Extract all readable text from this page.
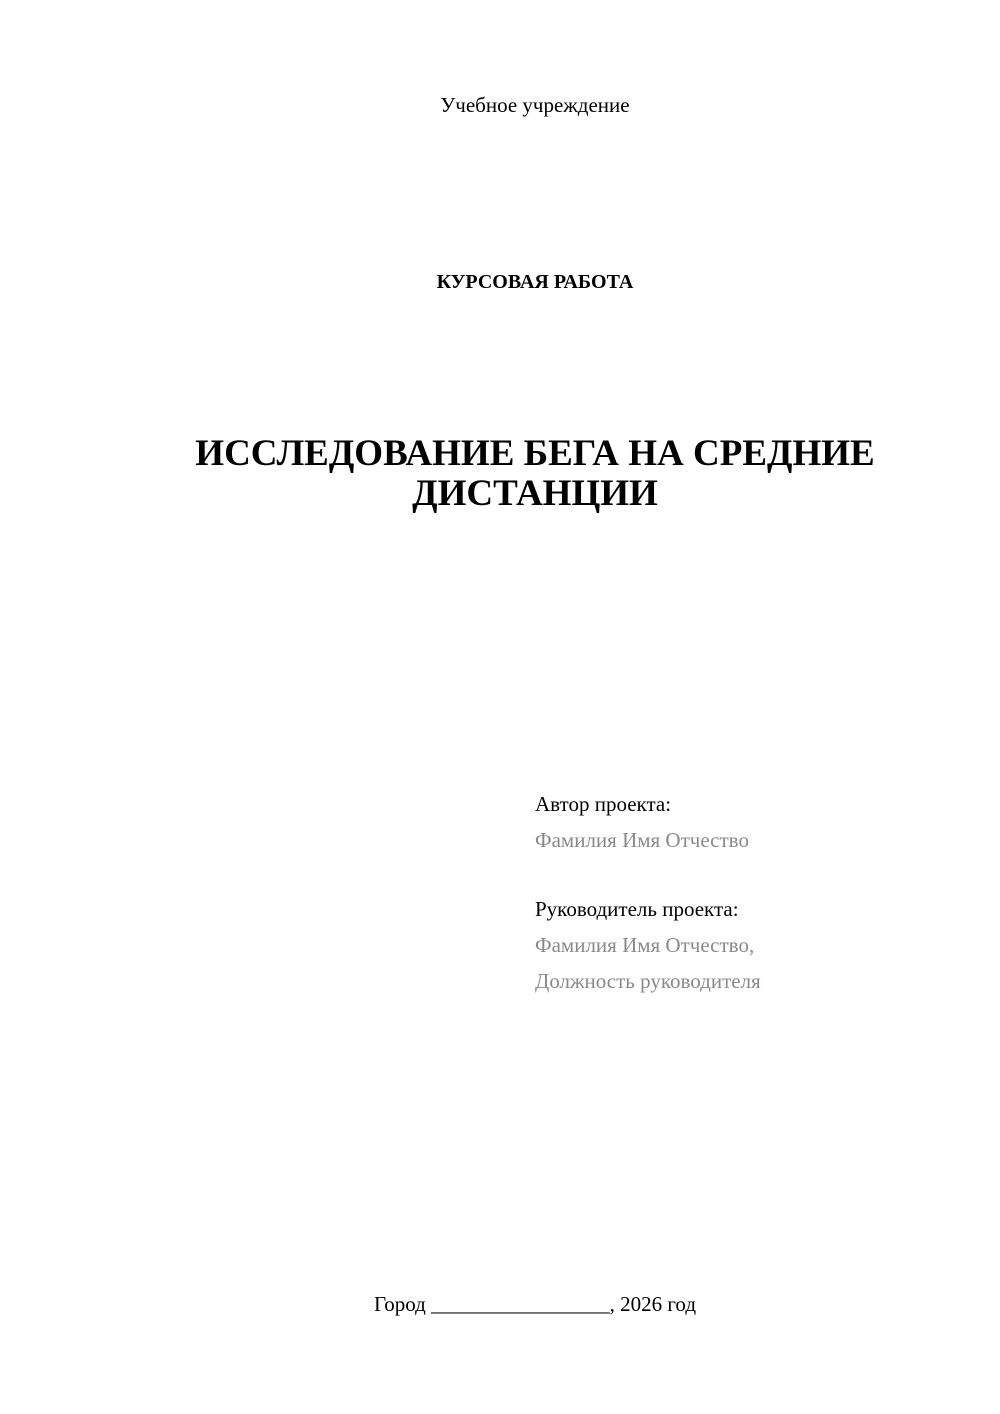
Учебное учреждение
КУРСОВАЯ РАБОТА
ИССЛЕДОВАНИЕ БЕГА НА СРЕДНИЕ ДИСТАНЦИИ
Автор проекта:
Фамилия Имя Отчество
Руководитель проекта:
Фамилия Имя Отчество,
Должность руководителя
Город _________________, 2026 год
